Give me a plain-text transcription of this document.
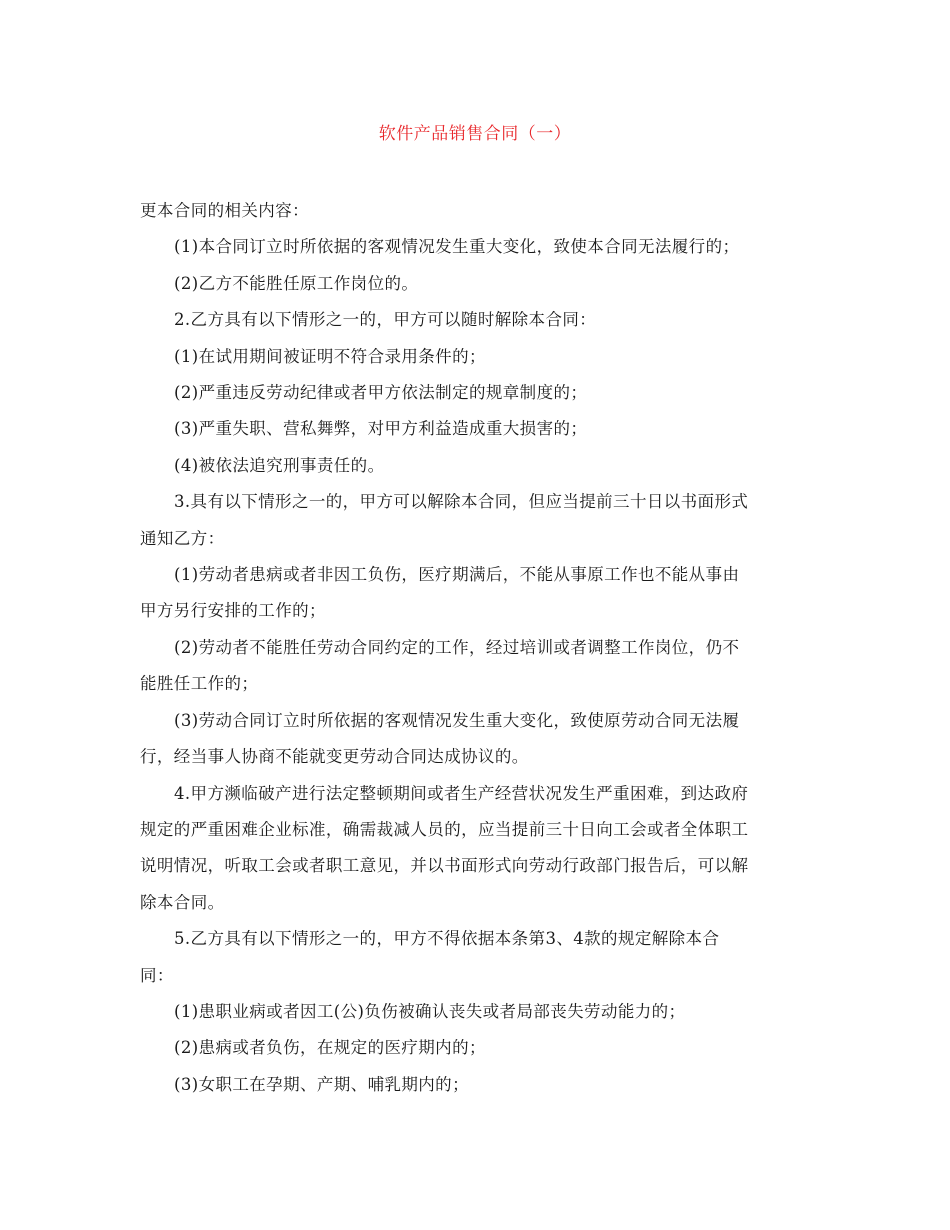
软件产品销售合同（一）
更本合同的相关内容：
(1)本合同订立时所依据的客观情况发生重大变化，致使本合同无法履行的；
(2)乙方不能胜任原工作岗位的。
2.乙方具有以下情形之一的，甲方可以随时解除本合同：
(1)在试用期间被证明不符合录用条件的；
(2)严重违反劳动纪律或者甲方依法制定的规章制度的；
(3)严重失职、营私舞弊，对甲方利益造成重大损害的；
(4)被依法追究刑事责任的。
3.具有以下情形之一的，甲方可以解除本合同，但应当提前三十日以书面形式
通知乙方：
(1)劳动者患病或者非因工负伤，医疗期满后，不能从事原工作也不能从事由
甲方另行安排的工作的；
(2)劳动者不能胜任劳动合同约定的工作，经过培训或者调整工作岗位，仍不
能胜任工作的；
(3)劳动合同订立时所依据的客观情况发生重大变化，致使原劳动合同无法履
行，经当事人协商不能就变更劳动合同达成协议的。
4.甲方濒临破产进行法定整顿期间或者生产经营状况发生严重困难，到达政府
规定的严重困难企业标准，确需裁减人员的，应当提前三十日向工会或者全体职工
说明情况，听取工会或者职工意见，并以书面形式向劳动行政部门报告后，可以解
除本合同。
5.乙方具有以下情形之一的，甲方不得依据本条第3、4款的规定解除本合
同：
(1)患职业病或者因工(公)负伤被确认丧失或者局部丧失劳动能力的；
(2)患病或者负伤，在规定的医疗期内的；
(3)女职工在孕期、产期、哺乳期内的；
